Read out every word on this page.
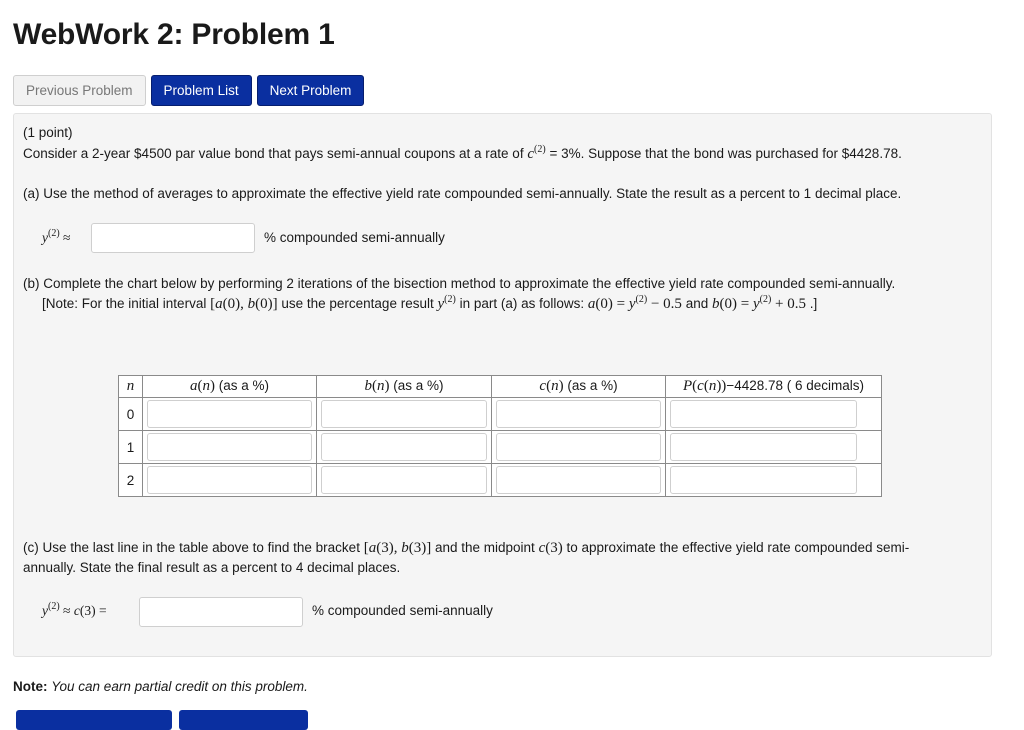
WebWork 2: Problem 1
Previous Problem	Problem List	Next Problem

(1 point)

Consider a 2-year $4500 par value bond that pays semi-annual coupons at a rate of $c^{(2)} = 3\%$. Suppose that the bond was purchased for $4428.78.

(a) Use the method of averages to approximate the effective yield rate compounded semi-annually. State the result as a percent to 1 decimal place.

$y^{(2)}$ ≈	% compounded semi-annually

(b) Complete the chart below by performing 2 iterations of the bisection method to approximate the effective yield rate compounded semi-annually.

[Note: For the initial interval [a(0), b(0)] use the percentage result $y^{(2)}$ in part (a) as follows: $a(0) = y^{(2)} - 0.5$ and $b(0) = y^{(2)} + 0.5$ .]

n	a(n) (as a %)	b(n) (as a %)	c(n) (as a %)	P(c(n))−4428.78 ( 6 decimals)
0	

1	

2	

(c) Use the last line in the table above to find the bracket [a(3), b(3)] and the midpoint c(3) to approximate the effective yield rate compounded semi-

annually. State the final result as a percent to 4 decimal places.

$y^{(2)} \approx c(3)$ =	% compounded semi-annually
Note: You can earn partial credit on this problem.
